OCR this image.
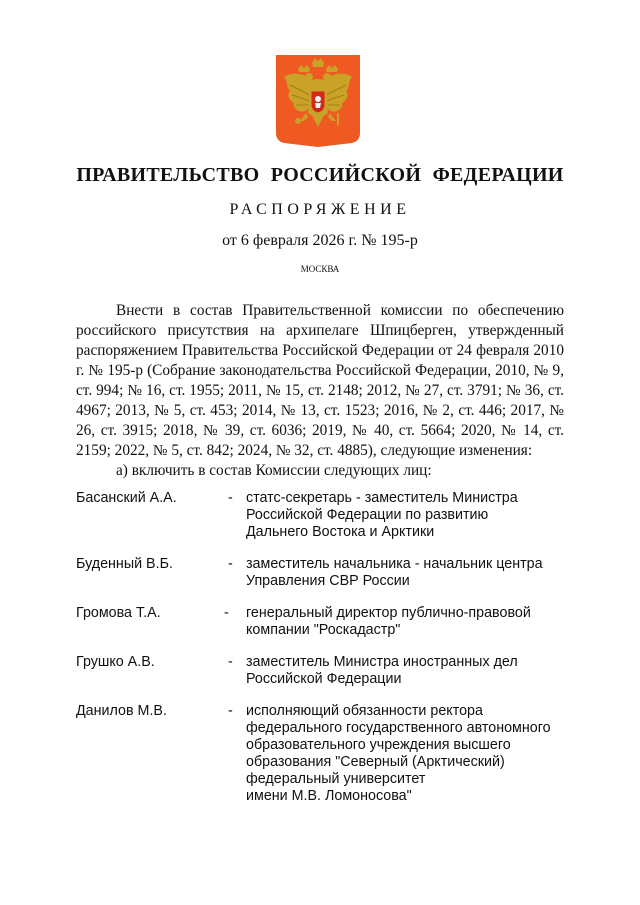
ПРАВИТЕЛЬСТВО РОССИЙСКОЙ ФЕДЕРАЦИИ
РАСПОРЯЖЕНИЕ
от 6 февраля 2026 г. № 195-р
МОСКВА

Внести в состав Правительственной комиссии по обеспечению российского присутствия на архипелаге Шпицберген, утвержденный распоряжением Правительства Российской Федерации от 24 февраля 2010 г. № 195-р (Собрание законодательства Российской Федерации, 2010, № 9, ст. 994; № 16, ст. 1955; 2011, № 15, ст. 2148; 2012, № 27, ст. 3791; № 36, ст. 4967; 2013, № 5, ст. 453; 2014, № 13, ст. 1523; 2016, № 2, ст. 446; 2017, № 26, ст. 3915; 2018, № 39, ст. 6036; 2019, № 40, ст. 5664; 2020, № 14, ст. 2159; 2022, № 5, ст. 842; 2024, № 32, ст. 4885), следующие изменения:

а) включить в состав Комиссии следующих лиц:

Басанский А.А.	- статс-секретарь - заместитель Министра
Российской Федерации по развитию
Дальнего Востока и Арктики
Буденный В.Б.	- заместитель начальника - начальник центра
Управления СВР России
Громова Т.А.	- генеральный директор публично-правовой
компании "Роскадастр"
Грушко А.В.	- заместитель Министра иностранных дел
Российской Федерации
Данилов М.В.	- исполняющий обязанности ректора
федерального государственного автономного
образовательного учреждения высшего
образования "Северный (Арктический)
федеральный университет
имени М.В. Ломоносова"
